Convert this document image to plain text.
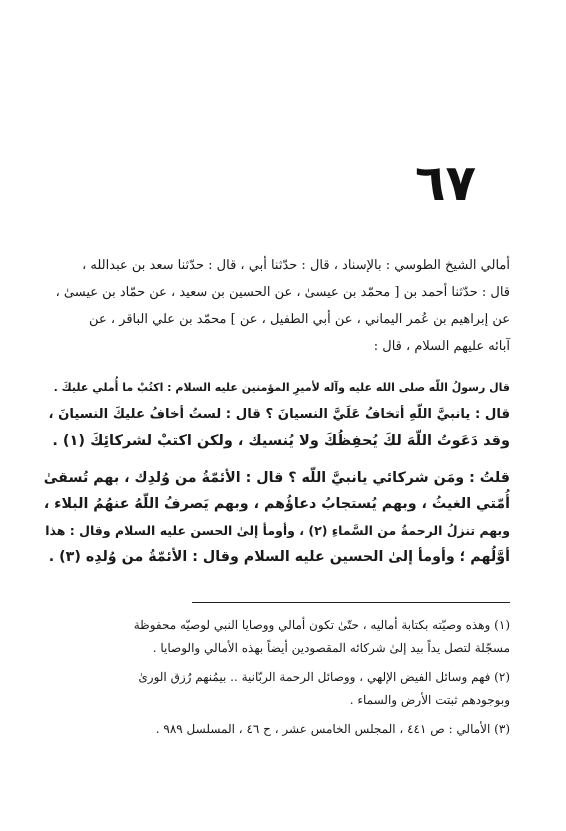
٦٧
أمالي الشيخ الطوسي : بالإسناد ، قال : حدّثنا أبي ، قال : حدّثنا سعد بن عبدالله ،
قال : حدّثنا أحمد بن [ محمّد بن عيسىٰ ، عن الحسين بن سعيد ، عن حمّاد بن عيسىٰ ،
عن إبراهيم بن عُمر اليماني ، عن أبي الطفيل ، عن ] محمّد بن علي الباقر ، عن
آبائه عليهم السلام ، قال :
قال رسولُ اللّه صلى الله عليه وآله لأميرِ المؤمنين عليه السلام : اكتُبْ ما أُملي عليكَ .
قال : يانبيَّ اللّهِ أتخافُ عَلَيَّ النسيانَ ؟ قال : لستُ أخافُ عليكَ النسيانَ ،
وقد دَعَوتُ اللّهَ لكَ يُحفِظُكَ ولا يُنسيك ، ولكن اكتبْ لشركائِكَ (١) .
قلتُ : ومَن شركائي يانبيَّ اللّه ؟ قال : الأئمّةُ من وُلدِك ، بهم تُسقىٰ
أُمّتي الغيثُ ، وبهم يُستجابُ دعاؤُهم ، وبهم يَصرفُ اللّهُ عنهُمُ البلاء ،
وبهم تنزلُ الرحمةُ من السَّماءِ (٢) ، وأومأ إلىٰ الحسن عليه السلام وقال : هذا
أوَّلُهم ؛ وأومأ إلىٰ الحسين عليه السلام وقال : الأئمّةُ من وُلدِه (٣) .
(١) وهذه وصيّته بكتابة أماليه ، حتّىٰ تكون أمالي ووصايا النبي لوصيّه محفوظة
مسجّلة لتصل يداً بيد إلىٰ شركائه المقصودين أيضاً بهذه الأمالي والوصايا .
(٢) فهم وسائل الفيض الإلهي ، ووصائل الرحمة الربّانية .. بيمُنهم رُزق الورىٰ
وبوجودهم ثبتت الأرض والسماء .
(٣) الأمالي : ص ٤٤١ ، المجلس الخامس عشر ، ح ٤٦ ، المسلسل ٩٨٩ .
